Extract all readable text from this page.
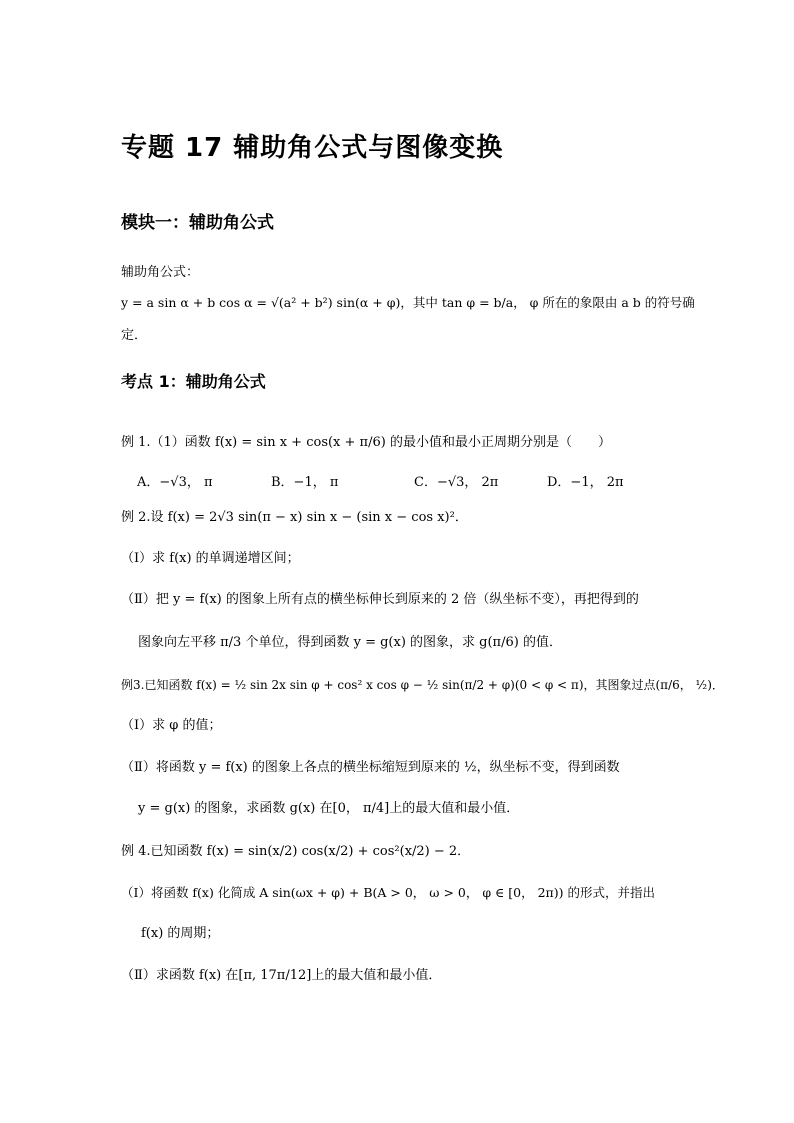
专题 17 辅助角公式与图像变换
模块一：辅助角公式
辅助角公式：
y = a sin α + b cos α = √(a² + b²) sin(α + φ)，其中 tan φ = b/a， φ 所在的象限由 a b 的符号确
定．
考点 1：辅助角公式
例 1.（1）函数 f(x) = sin x + cos(x + π/6) 的最小值和最小正周期分别是（　　）
A．−√3， π	B．−1， π	C．−√3， 2π	D．−1， 2π
例 2.设 f(x) = 2√3 sin(π − x) sin x − (sin x − cos x)²．
（Ⅰ）求 f(x) 的单调递增区间；
（Ⅱ）把 y = f(x) 的图象上所有点的横坐标伸长到原来的 2 倍（纵坐标不变），再把得到的
图象向左平移 π/3 个单位，得到函数 y = g(x) 的图象，求 g(π/6) 的值．
例3.已知函数 f(x) = ½ sin 2x sin φ + cos² x cos φ − ½ sin(π/2 + φ)(0 < φ < π)，其图象过点(π/6， ½)．
（Ⅰ）求 φ 的值；
（Ⅱ）将函数 y = f(x) 的图象上各点的横坐标缩短到原来的 ½，纵坐标不变，得到函数
y = g(x) 的图象，求函数 g(x) 在[0， π/4]上的最大值和最小值．
例 4.已知函数 f(x) = sin(x/2) cos(x/2) + cos²(x/2) − 2．
（Ⅰ）将函数 f(x) 化简成 A sin(ωx + φ) + B(A > 0， ω > 0， φ ∈ [0， 2π)) 的形式，并指出
f(x) 的周期；
（Ⅱ）求函数 f(x) 在[π, 17π/12]上的最大值和最小值．
